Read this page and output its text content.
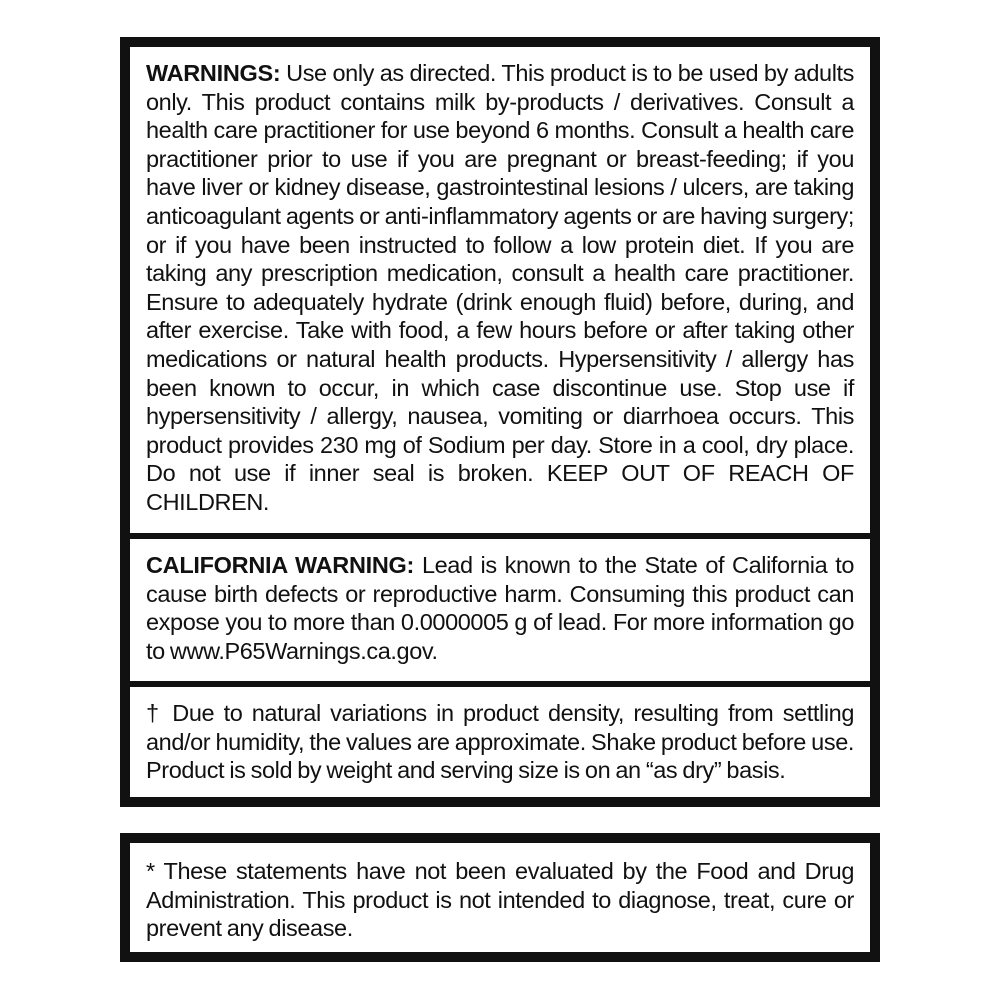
WARNINGS: Use only as directed. This product is to be used by adults only. This product contains milk by-products / derivatives. Consult a health care practitioner for use beyond 6 months. Consult a health care practitioner prior to use if you are pregnant or breast-feeding; if you have liver or kidney disease, gastrointestinal lesions / ulcers, are taking anticoagulant agents or anti-inflammatory agents or are having surgery; or if you have been instructed to follow a low protein diet. If you are taking any prescription medication, consult a health care practitioner. Ensure to adequately hydrate (drink enough fluid) before, during, and after exercise. Take with food, a few hours before or after taking other medications or natural health products. Hypersensitivity / allergy has been known to occur, in which case discontinue use. Stop use if hypersensitivity / allergy, nausea, vomiting or diarrhoea occurs. This product provides 230 mg of Sodium per day. Store in a cool, dry place. Do not use if inner seal is broken. KEEP OUT OF REACH OF CHILDREN.
CALIFORNIA WARNING: Lead is known to the State of California to cause birth defects or reproductive harm. Consuming this product can expose you to more than 0.0000005 g of lead. For more information go to www.P65Warnings.ca.gov.
† Due to natural variations in product density, resulting from settling and/or humidity, the values are approximate. Shake product before use. Product is sold by weight and serving size is on an “as dry” basis.
* These statements have not been evaluated by the Food and Drug Administration. This product is not intended to diagnose, treat, cure or prevent any disease.
